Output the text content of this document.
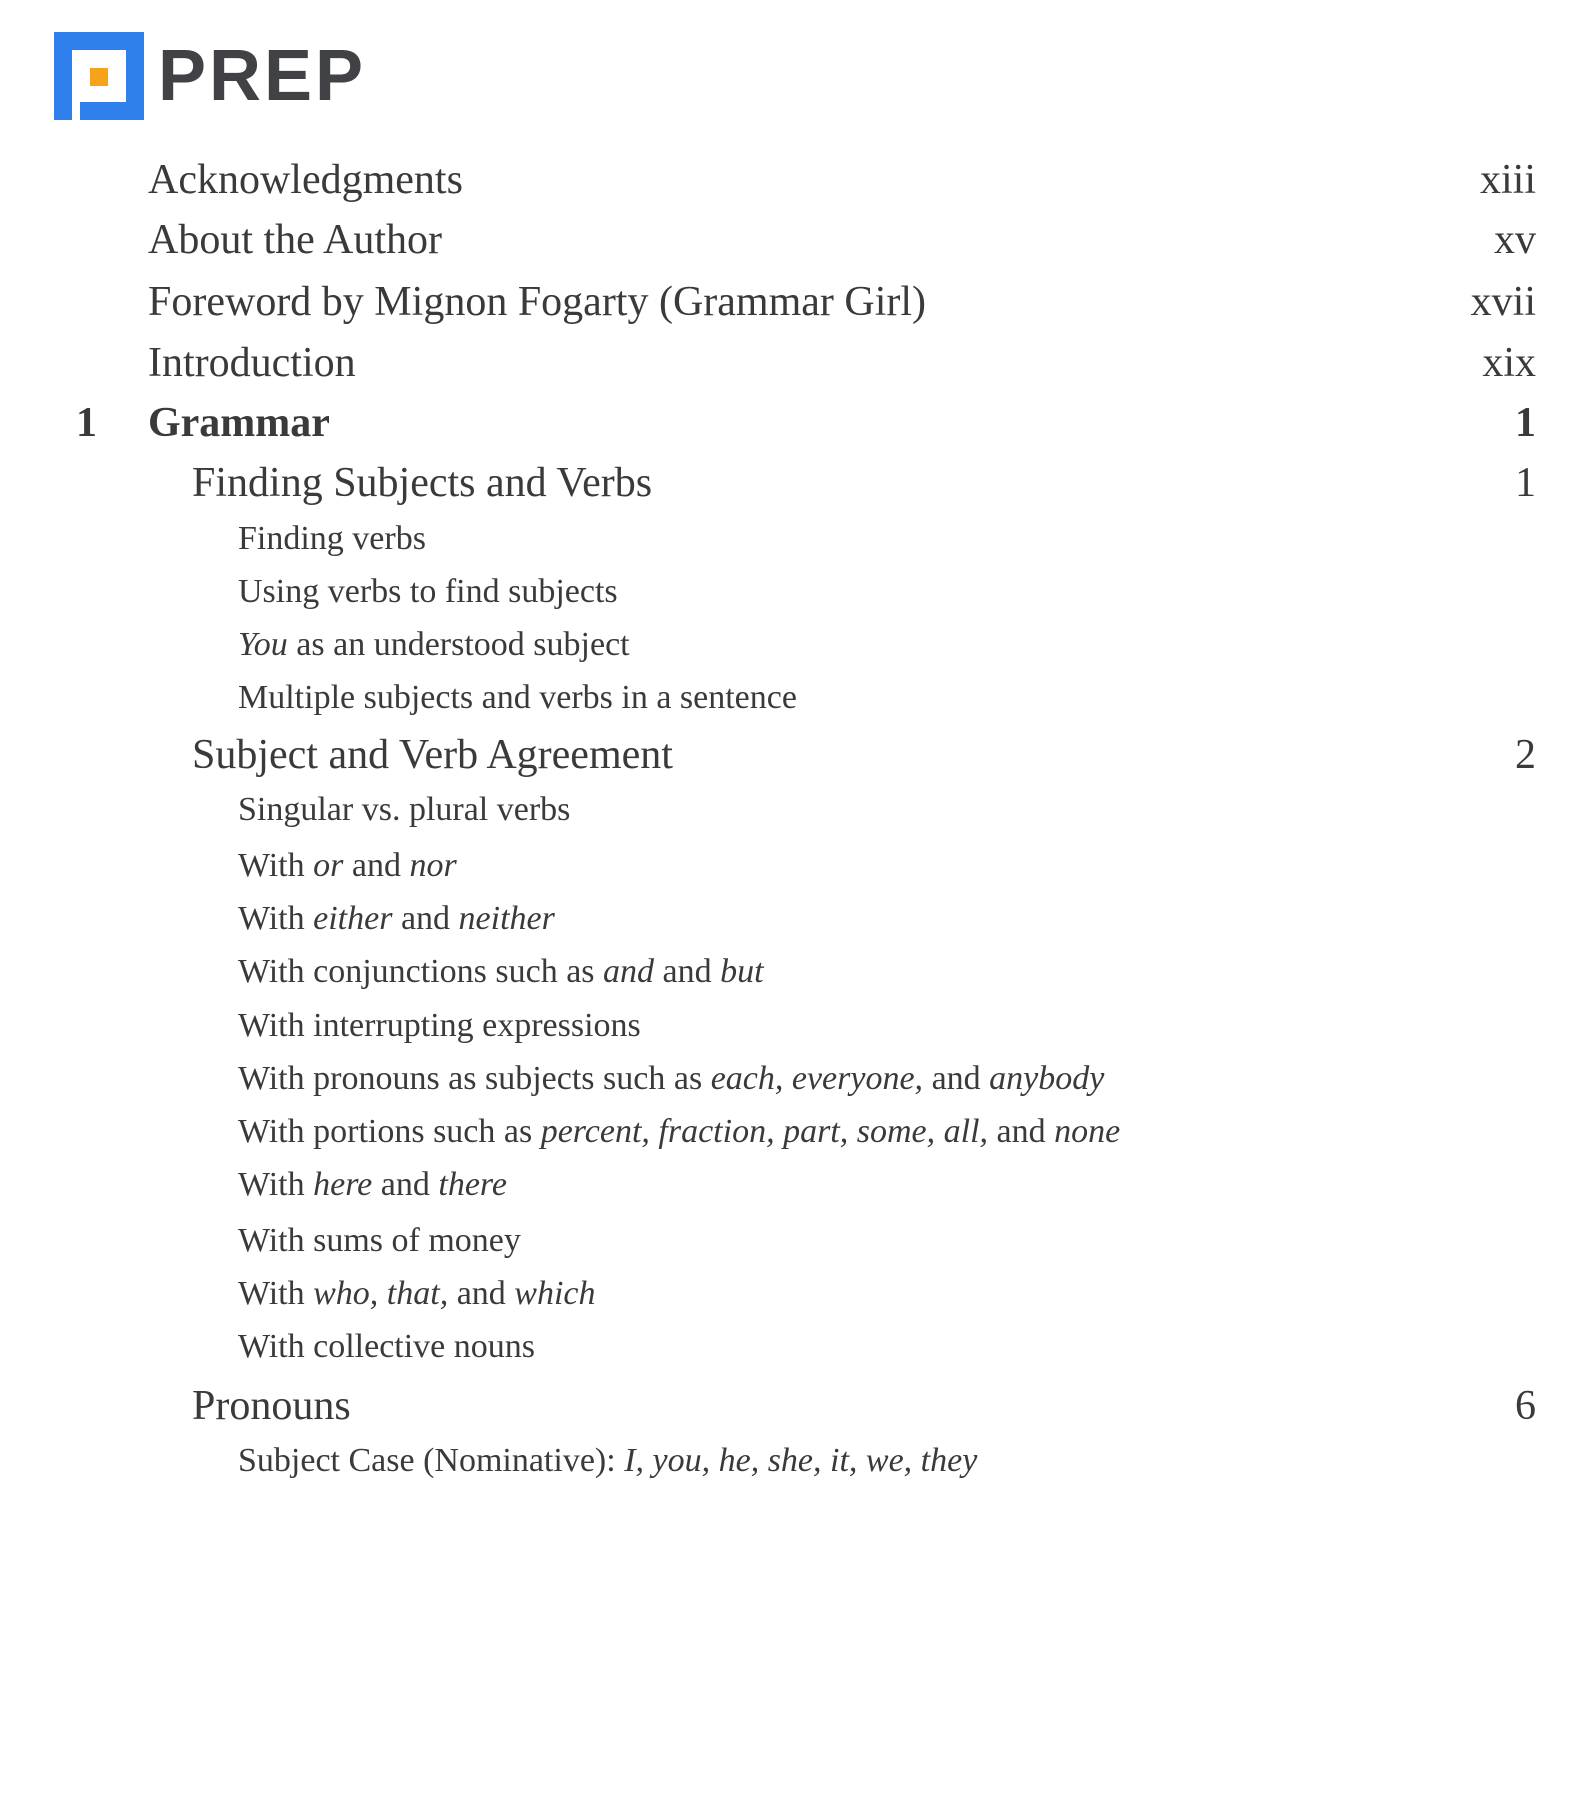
PREP
Acknowledgments	xiii
About the Author	xv
Foreword by Mignon Fogarty (Grammar Girl)	xvii
Introduction	xix
1 Grammar	1
Finding Subjects and Verbs	1
Finding verbs
Using verbs to find subjects
You as an understood subject
Multiple subjects and verbs in a sentence
Subject and Verb Agreement	2
Singular vs. plural verbs
With or and nor
With either and neither
With conjunctions such as and and but
With interrupting expressions
With pronouns as subjects such as each, everyone, and anybody
With portions such as percent, fraction, part, some, all, and none
With here and there
With sums of money
With who, that, and which
With collective nouns
Pronouns	6
Subject Case (Nominative): I, you, he, she, it, we, they
